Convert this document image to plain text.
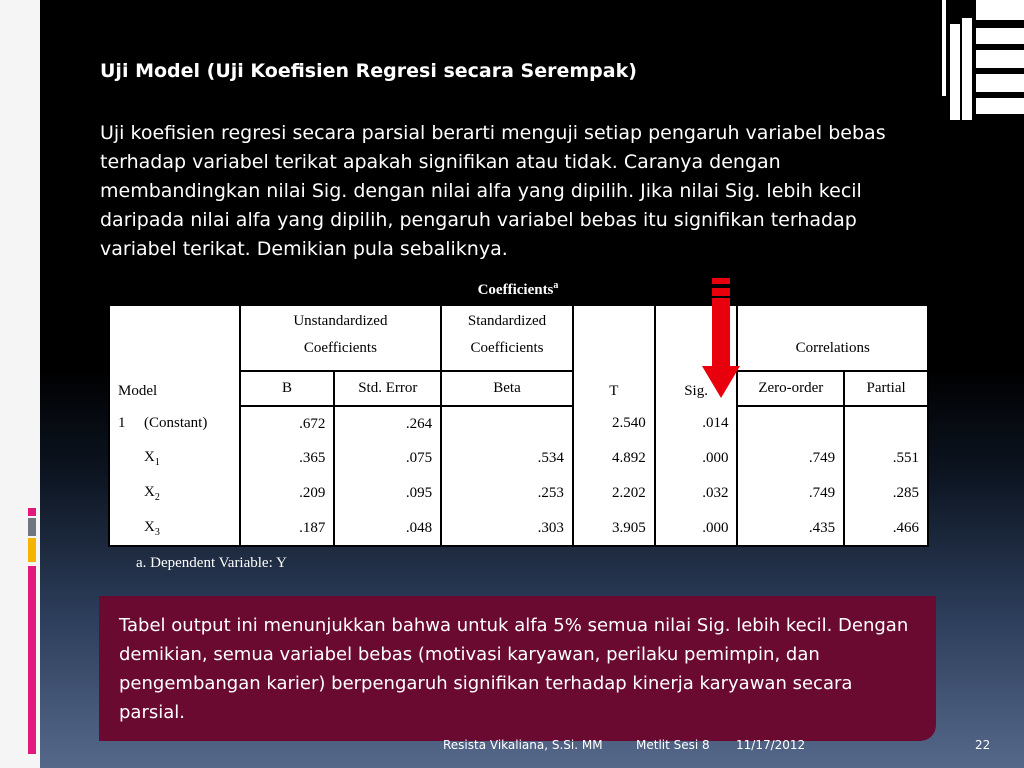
Uji Model (Uji Koefisien Regresi secara Serempak)
Uji koefisien regresi secara parsial berarti menguji setiap pengaruh variabel bebas terhadap variabel terikat apakah signifikan atau tidak. Caranya dengan membandingkan nilai Sig. dengan nilai alfa yang dipilih. Jika nilai Sig. lebih kecil daripada nilai alfa yang dipilih, pengaruh variabel bebas itu signifikan terhadap variabel terikat. Demikian pula sebaliknya.
Coefficients$^a$
Model	Unstandardized		Standardized	T	Sig.		
	Coefficients		Coefficients			Correlations	
	B	Std. Error	Beta			Zero-order	Partial
1 (Constant)	.672	.264		2.540	.014		
$X_1$	.365	.075	.534	4.892	.000	.749	.551
$X_2$	.209	.095	.253	2.202	.032	.749	.285
$X_3$	.187	.048	.303	3.905	.000	.435	.466
a. Dependent Variable: Y
Tabel output ini menunjukkan bahwa untuk alfa 5% semua nilai Sig. lebih kecil. Dengan demikian, semua variabel bebas (motivasi karyawan, perilaku pemimpin, dan pengembangan karier) berpengaruh signifikan terhadap kinerja karyawan secara parsial.
Resista Vikaliana, S.Si. MM	Metlit Sesi 8 11/17/2012	22
